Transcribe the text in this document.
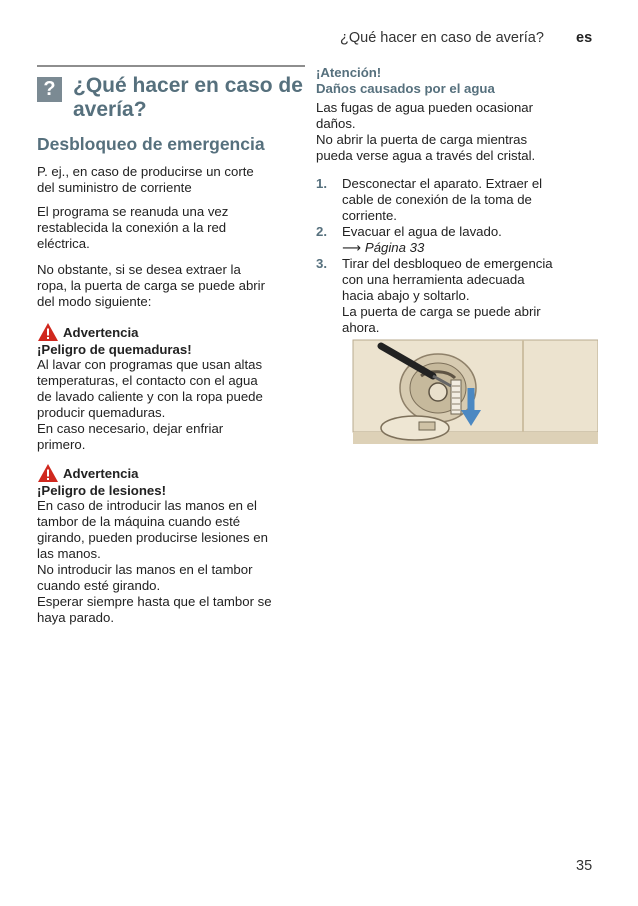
¿Qué hacer en caso de avería? es
? ¿Qué hacer en caso de
avería?
Desbloqueo de emergencia

P. ej., en caso de producirse un corte
del suministro de corriente

El programa se reanuda una vez
restablecida la conexión a la red
eléctrica.

No obstante, si se desea extraer la
ropa, la puerta de carga se puede abrir
del modo siguiente:

Advertencia
¡Peligro de quemaduras!

Al lavar con programas que usan altas
temperaturas, el contacto con el agua
de lavado caliente y con la ropa puede
producir quemaduras.
En caso necesario, dejar enfriar
primero.

Advertencia
¡Peligro de lesiones!

En caso de introducir las manos en el
tambor de la máquina cuando esté
girando, pueden producirse lesiones en
las manos.
No introducir las manos en el tambor
cuando esté girando.
Esperar siempre hasta que el tambor se
haya parado.

¡Atención!
Daños causados por el agua

Las fugas de agua pueden ocasionar
daños.
No abrir la puerta de carga mientras
pueda verse agua a través del cristal.

1. Desconectar el aparato. Extraer el
cable de conexión de la toma de
corriente.
2. Evacuar el agua de lavado.
⟶ Página 33
3. Tirar del desbloqueo de emergencia
con una herramienta adecuada
hacia abajo y soltarlo.
La puerta de carga se puede abrir
ahora.
35
